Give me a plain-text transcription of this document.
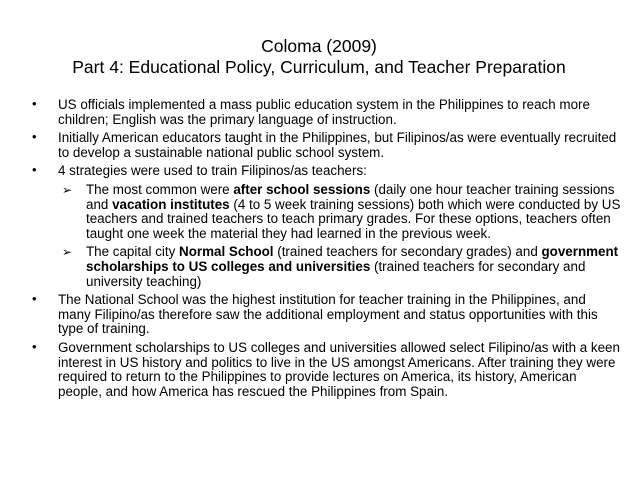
Coloma (2009)
Part 4: Educational Policy, Curriculum, and Teacher Preparation
• US officials implemented a mass public education system in the Philippines to reach more children; English was the primary language of instruction.
• Initially American educators taught in the Philippines, but Filipinos/as were eventually recruited to develop a sustainable national public school system.
• 4 strategies were used to train Filipinos/as teachers:
➢ The most common were after school sessions (daily one hour teacher training sessions and vacation institutes (4 to 5 week training sessions) both which were conducted by US teachers and trained teachers to teach primary grades. For these options, teachers often taught one week the material they had learned in the previous week.
➢ The capital city Normal School (trained teachers for secondary grades) and government scholarships to US colleges and universities (trained teachers for secondary and university teaching)
• The National School was the highest institution for teacher training in the Philippines, and many Filipino/as therefore saw the additional employment and status opportunities with this type of training.
• Government scholarships to US colleges and universities allowed select Filipino/as with a keen interest in US history and politics to live in the US amongst Americans. After training they were required to return to the Philippines to provide lectures on America, its history, American people, and how America has rescued the Philippines from Spain.
